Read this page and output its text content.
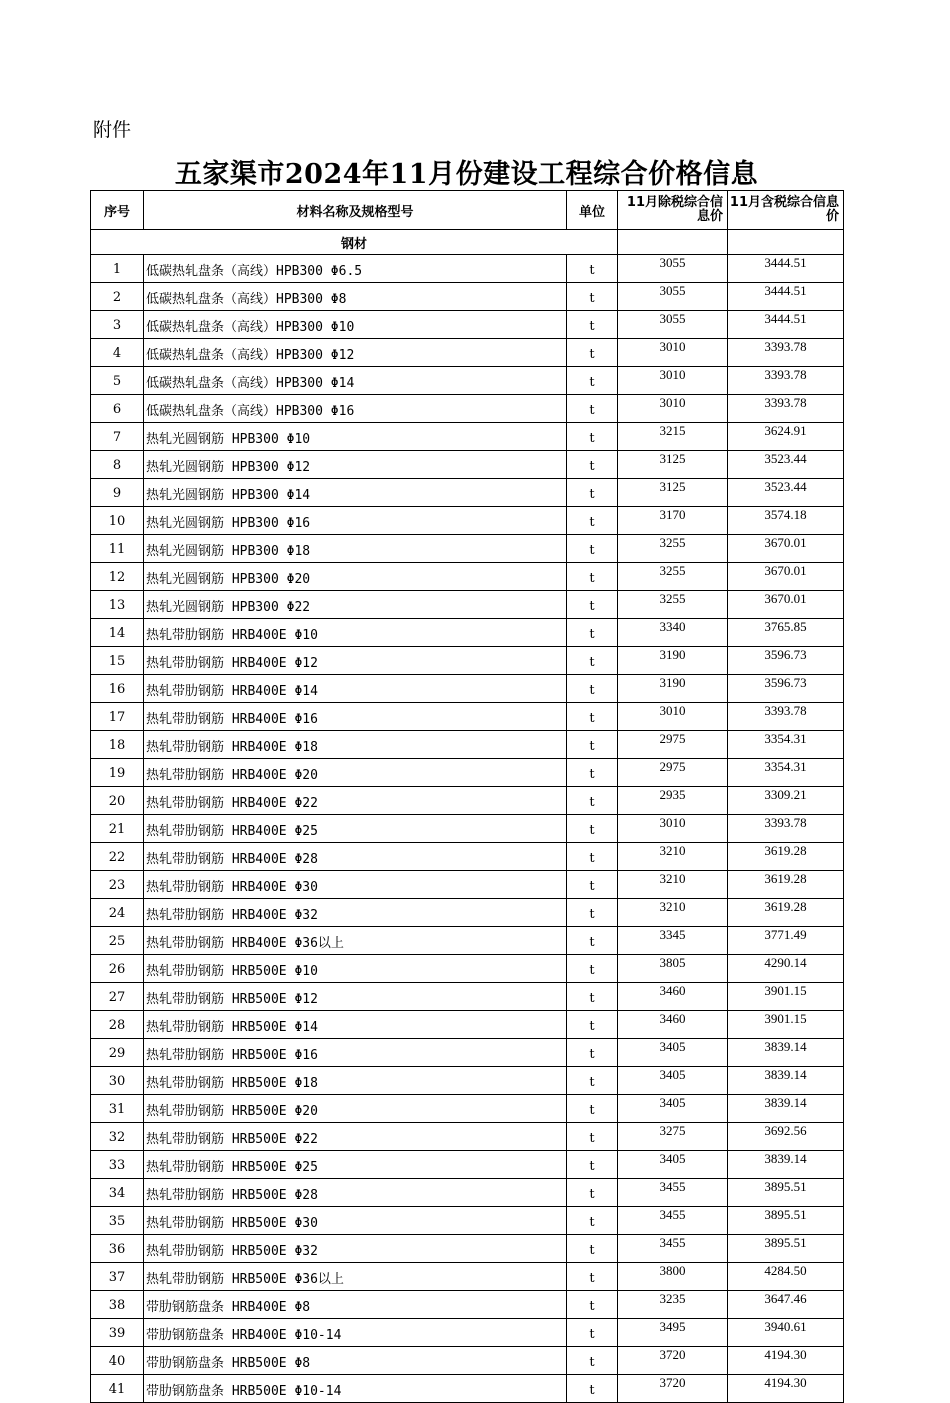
附件
五家渠市2024年11月份建设工程综合价格信息
序号	材料名称及规格型号	单位	11月除税综合信息价	11月含税综合信息价
钢材				
1	低碳热轧盘条（高线）HPB300 Φ6.5	t	3055	3444.51
2	低碳热轧盘条（高线）HPB300 Φ8	t	3055	3444.51
3	低碳热轧盘条（高线）HPB300 Φ10	t	3055	3444.51
4	低碳热轧盘条（高线）HPB300 Φ12	t	3010	3393.78
5	低碳热轧盘条（高线）HPB300 Φ14	t	3010	3393.78
6	低碳热轧盘条（高线）HPB300 Φ16	t	3010	3393.78
7	热轧光圆钢筋 HPB300 Φ10	t	3215	3624.91
8	热轧光圆钢筋 HPB300 Φ12	t	3125	3523.44
9	热轧光圆钢筋 HPB300 Φ14	t	3125	3523.44
10	热轧光圆钢筋 HPB300 Φ16	t	3170	3574.18
11	热轧光圆钢筋 HPB300 Φ18	t	3255	3670.01
12	热轧光圆钢筋 HPB300 Φ20	t	3255	3670.01
13	热轧光圆钢筋 HPB300 Φ22	t	3255	3670.01
14	热轧带肋钢筋 HRB400E Φ10	t	3340	3765.85
15	热轧带肋钢筋 HRB400E Φ12	t	3190	3596.73
16	热轧带肋钢筋 HRB400E Φ14	t	3190	3596.73
17	热轧带肋钢筋 HRB400E Φ16	t	3010	3393.78
18	热轧带肋钢筋 HRB400E Φ18	t	2975	3354.31
19	热轧带肋钢筋 HRB400E Φ20	t	2975	3354.31
20	热轧带肋钢筋 HRB400E Φ22	t	2935	3309.21
21	热轧带肋钢筋 HRB400E Φ25	t	3010	3393.78
22	热轧带肋钢筋 HRB400E Φ28	t	3210	3619.28
23	热轧带肋钢筋 HRB400E Φ30	t	3210	3619.28
24	热轧带肋钢筋 HRB400E Φ32	t	3210	3619.28
25	热轧带肋钢筋 HRB400E Φ36以上	t	3345	3771.49
26	热轧带肋钢筋 HRB500E Φ10	t	3805	4290.14
27	热轧带肋钢筋 HRB500E Φ12	t	3460	3901.15
28	热轧带肋钢筋 HRB500E Φ14	t	3460	3901.15
29	热轧带肋钢筋 HRB500E Φ16	t	3405	3839.14
30	热轧带肋钢筋 HRB500E Φ18	t	3405	3839.14
31	热轧带肋钢筋 HRB500E Φ20	t	3405	3839.14
32	热轧带肋钢筋 HRB500E Φ22	t	3275	3692.56
33	热轧带肋钢筋 HRB500E Φ25	t	3405	3839.14
34	热轧带肋钢筋 HRB500E Φ28	t	3455	3895.51
35	热轧带肋钢筋 HRB500E Φ30	t	3455	3895.51
36	热轧带肋钢筋 HRB500E Φ32	t	3455	3895.51
37	热轧带肋钢筋 HRB500E Φ36以上	t	3800	4284.50
38	带肋钢筋盘条 HRB400E Φ8	t	3235	3647.46
39	带肋钢筋盘条 HRB400E Φ10-14	t	3495	3940.61
40	带肋钢筋盘条 HRB500E Φ8	t	3720	4194.30
41	带肋钢筋盘条 HRB500E Φ10-14	t	3720	4194.30
